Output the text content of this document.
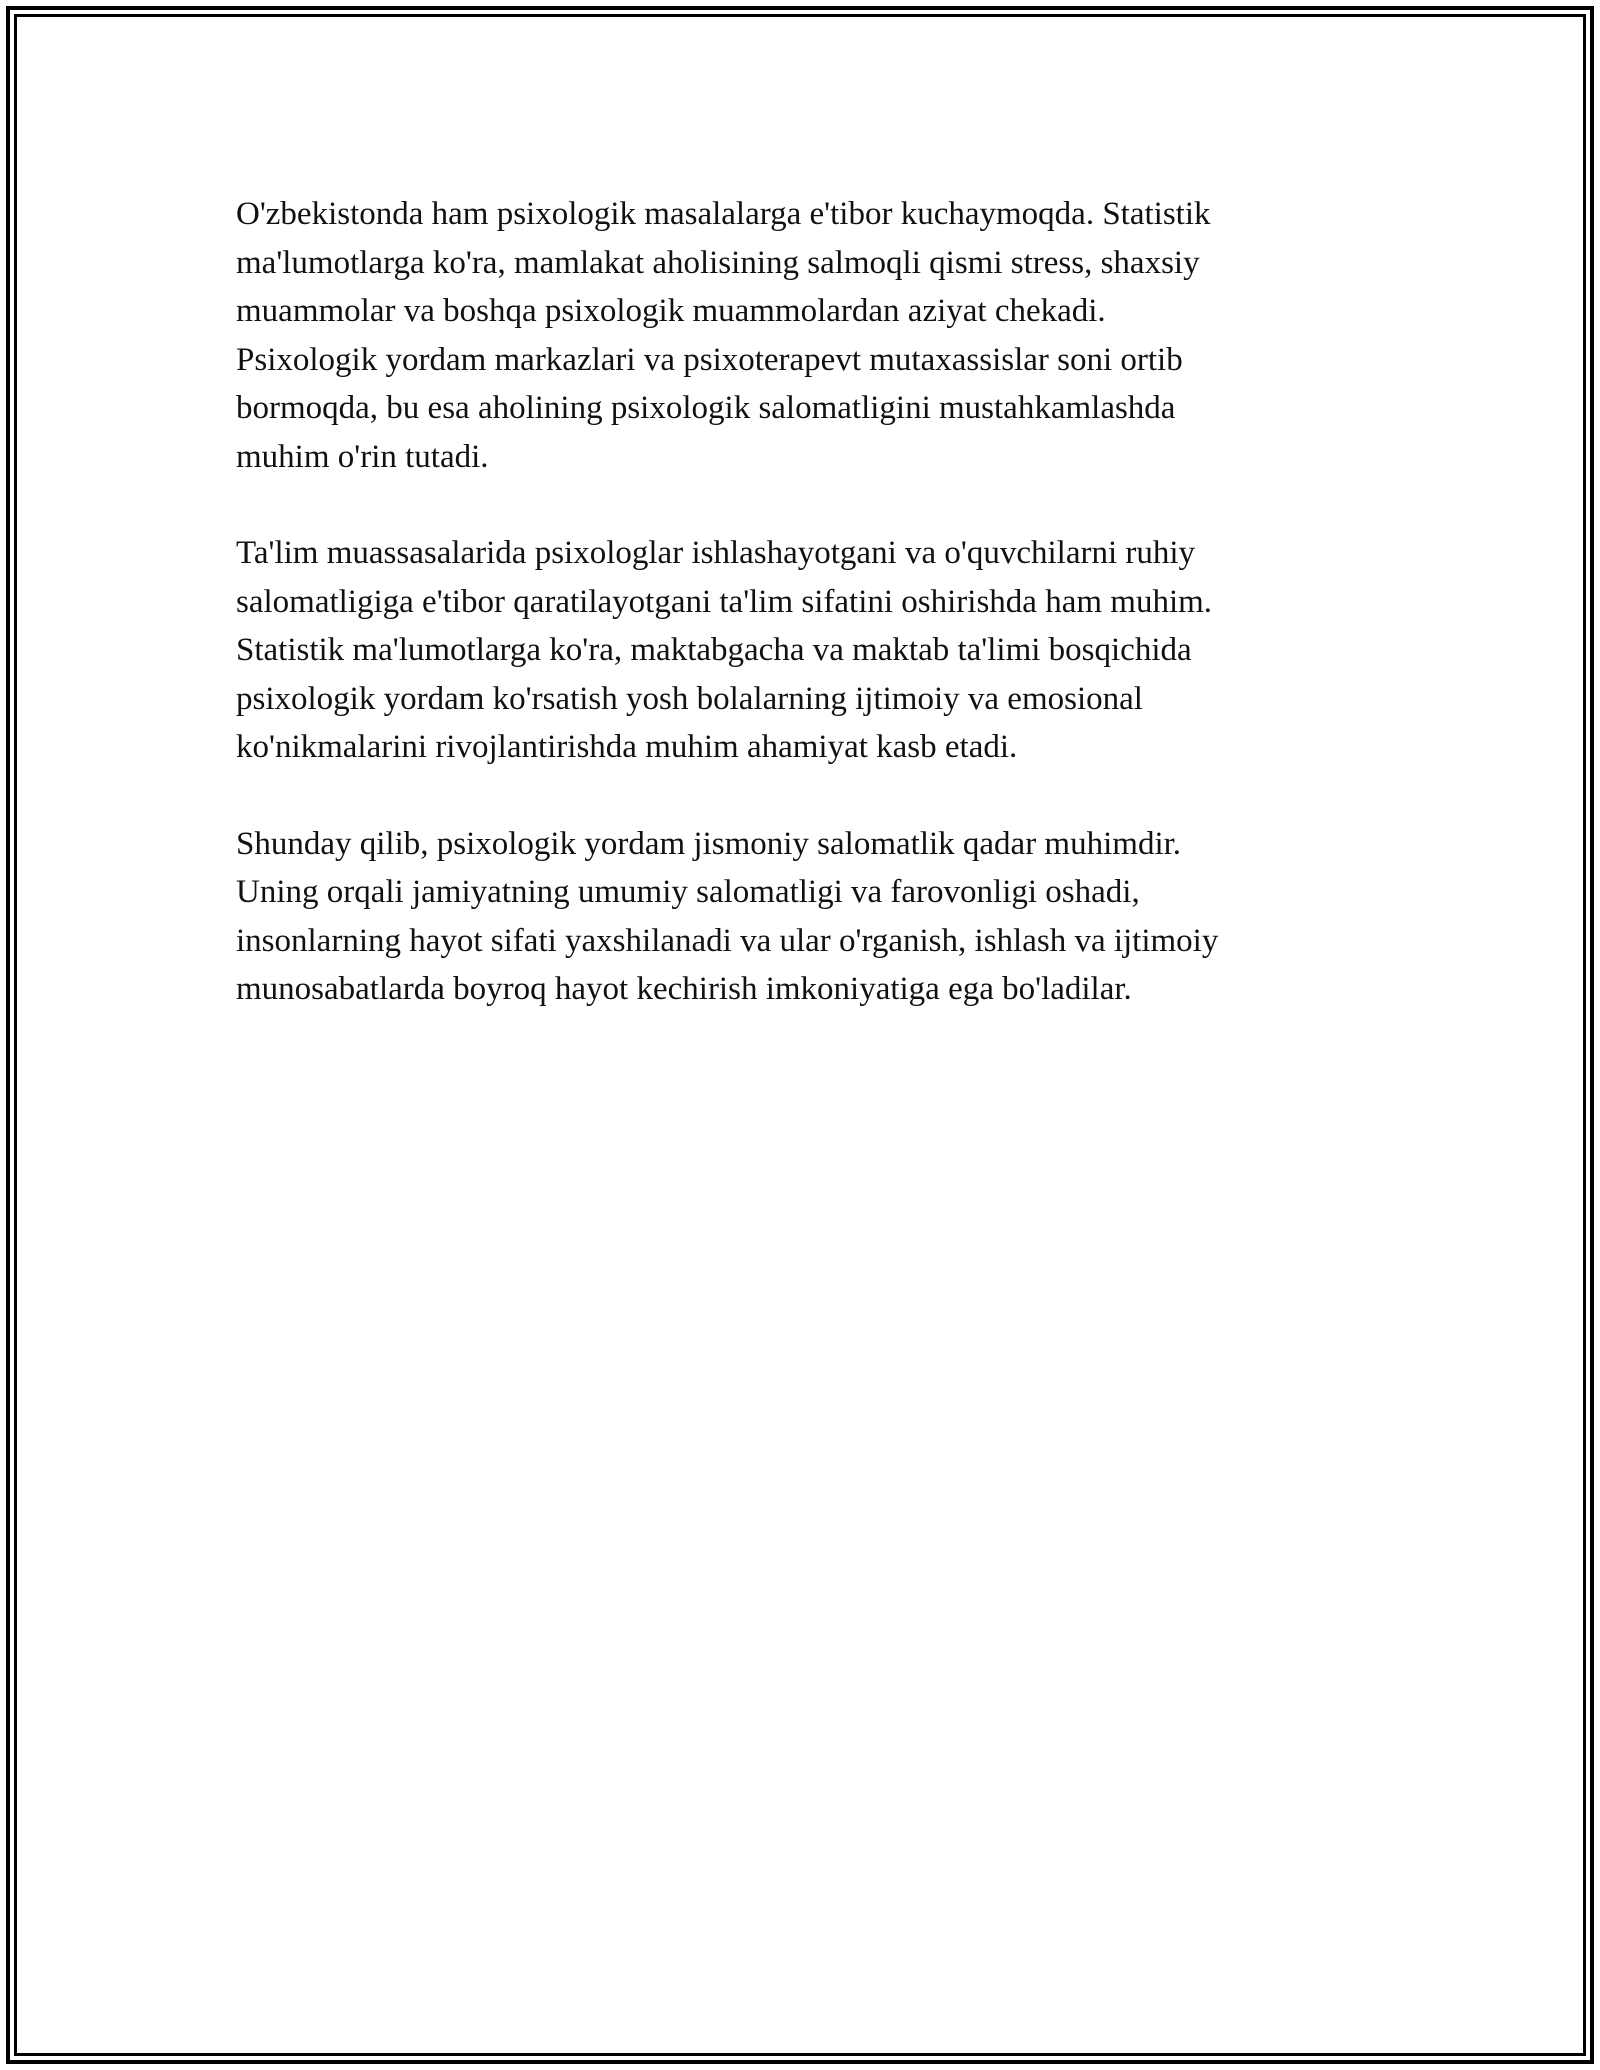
O'zbekistonda ham psixologik masalalarga e'tibor kuchaymoqda. Statistik
ma'lumotlarga ko'ra, mamlakat aholisining salmoqli qismi stress, shaxsiy
muammolar va boshqa psixologik muammolardan aziyat chekadi.
Psixologik yordam markazlari va psixoterapevt mutaxassislar soni ortib
bormoqda, bu esa aholining psixologik salomatligini mustahkamlashda
muhim o'rin tutadi.

Ta'lim muassasalarida psixologlar ishlashayotgani va o'quvchilarni ruhiy
salomatligiga e'tibor qaratilayotgani ta'lim sifatini oshirishda ham muhim.
Statistik ma'lumotlarga ko'ra, maktabgacha va maktab ta'limi bosqichida
psixologik yordam ko'rsatish yosh bolalarning ijtimoiy va emosional
ko'nikmalarini rivojlantirishda muhim ahamiyat kasb etadi.

Shunday qilib, psixologik yordam jismoniy salomatlik qadar muhimdir.
Uning orqali jamiyatning umumiy salomatligi va farovonligi oshadi,
insonlarning hayot sifati yaxshilanadi va ular o'rganish, ishlash va ijtimoiy
munosabatlarda boyroq hayot kechirish imkoniyatiga ega bo'ladilar.
